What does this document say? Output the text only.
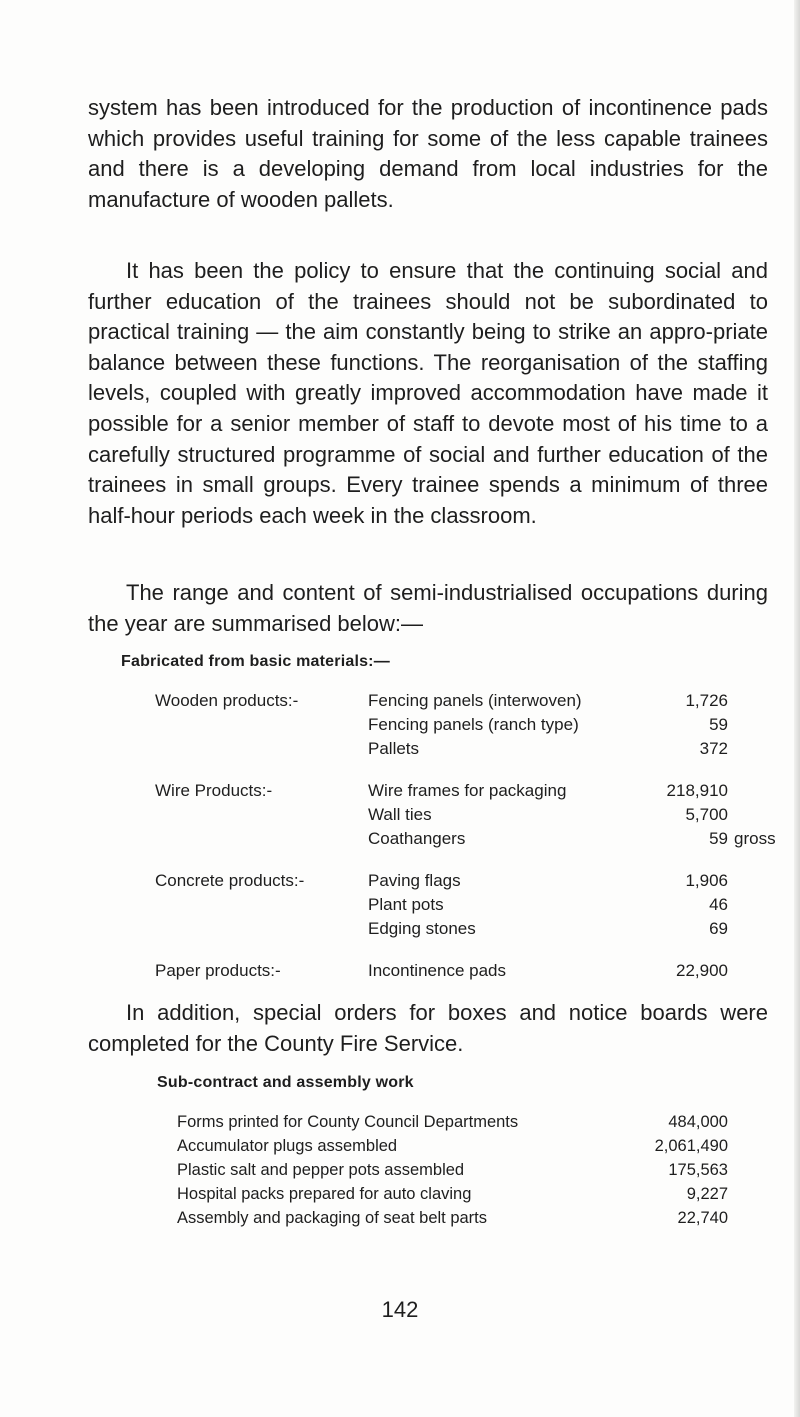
system has been introduced for the production of incontinence pads which provides useful training for some of the less capable trainees and there is a developing demand from local industries for the manufacture of wooden pallets.

It has been the policy to ensure that the continuing social and further education of the trainees should not be subordinated to practical training — the aim constantly being to strike an appro-priate balance between these functions. The reorganisation of the staffing levels, coupled with greatly improved accommodation have made it possible for a senior member of staff to devote most of his time to a carefully structured programme of social and further education of the trainees in small groups. Every trainee spends a minimum of three half-hour periods each week in the classroom.

The range and content of semi-industrialised occupations during the year are summarised below:—

Fabricated from basic materials:—
Wooden products:-	Fencing panels (interwoven)	1,726
Fencing panels (ranch type)	59
Pallets	372
Wire Products:-	Wire frames for packaging	218,910
Wall ties	5,700
Coathangers	59 gross
Concrete products:-	Paving flags	1,906
Plant pots	46
Edging stones	69
Paper products:-	Incontinence pads	22,900

In addition, special orders for boxes and notice boards were completed for the County Fire Service.

Sub-contract and assembly work
Forms printed for County Council Departments	484,000
Accumulator plugs assembled	2,061,490
Plastic salt and pepper pots assembled	175,563
Hospital packs prepared for auto claving	9,227
Assembly and packaging of seat belt parts	22,740
142
